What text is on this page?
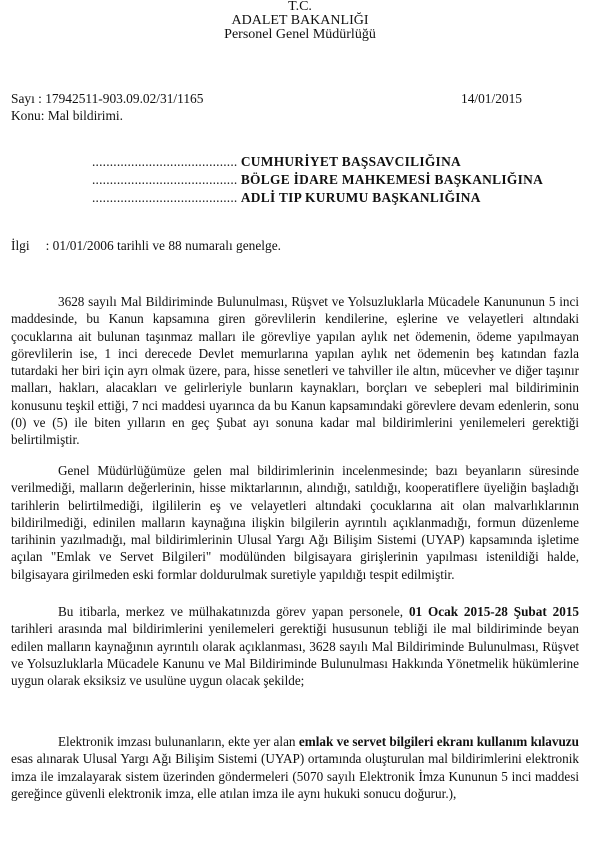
T.C.
ADALET BAKANLIĞI
Personel Genel Müdürlüğü
Sayı : 17942511-903.09.02/31/1165	14/01/2015
Konu: Mal bildirimi.
......................................... CUMHURİYET BAŞSAVCILIĞINA
......................................... BÖLGE İDARE MAHKEMESİ BAŞKANLIĞINA
......................................... ADLİ TIP KURUMU BAŞKANLIĞINA
İlgi : 01/01/2006 tarihli ve 88 numaralı genelge.
3628 sayılı Mal Bildiriminde Bulunulması, Rüşvet ve Yolsuzluklarla Mücadele Kanununun 5 inci maddesinde, bu Kanun kapsamına giren görevlilerin kendilerine, eşlerine ve velayetleri altındaki çocuklarına ait bulunan taşınmaz malları ile görevliye yapılan aylık net ödemenin, ödeme yapılmayan görevlilerin ise, 1 inci derecede Devlet memurlarına yapılan aylık net ödemenin beş katından fazla tutardaki her biri için ayrı olmak üzere, para, hisse senetleri ve tahviller ile altın, mücevher ve diğer taşınır malları, hakları, alacakları ve gelirleriyle bunların kaynakları, borçları ve sebepleri mal bildiriminin konusunu teşkil ettiği, 7 nci maddesi uyarınca da bu Kanun kapsamındaki görevlere devam edenlerin, sonu (0) ve (5) ile biten yılların en geç Şubat ayı sonuna kadar mal bildirimlerini yenilemeleri gerektiği belirtilmiştir.
Genel Müdürlüğümüze gelen mal bildirimlerinin incelenmesinde; bazı beyanların süresinde verilmediği, malların değerlerinin, hisse miktarlarının, alındığı, satıldığı, kooperatiflere üyeliğin başladığı tarihlerin belirtilmediği, ilgililerin eş ve velayetleri altındaki çocuklarına ait olan malvarlıklarının bildirilmediği, edinilen malların kaynağına ilişkin bilgilerin ayrıntılı açıklanmadığı, formun düzenleme tarihinin yazılmadığı, mal bildirimlerinin Ulusal Yargı Ağı Bilişim Sistemi (UYAP) kapsamında işletime açılan "Emlak ve Servet Bilgileri" modülünden bilgisayara girişlerinin yapılması istenildiği halde, bilgisayara girilmeden eski formlar doldurulmak suretiyle yapıldığı tespit edilmiştir.
Bu itibarla, merkez ve mülhakatınızda görev yapan personele, 01 Ocak 2015-28 Şubat 2015 tarihleri arasında mal bildirimlerini yenilemeleri gerektiği hususunun tebliği ile mal bildiriminde beyan edilen malların kaynağının ayrıntılı olarak açıklanması, 3628 sayılı Mal Bildiriminde Bulunulması, Rüşvet ve Yolsuzluklarla Mücadele Kanunu ve Mal Bildiriminde Bulunulması Hakkında Yönetmelik hükümlerine uygun olarak eksiksiz ve usulüne uygun olacak şekilde;
Elektronik imzası bulunanların, ekte yer alan emlak ve servet bilgileri ekranı kullanım kılavuzu esas alınarak Ulusal Yargı Ağı Bilişim Sistemi (UYAP) ortamında oluşturulan mal bildirimlerini elektronik imza ile imzalayarak sistem üzerinden göndermeleri (5070 sayılı Elektronik İmza Kununun 5 inci maddesi gereğince güvenli elektronik imza, elle atılan imza ile aynı hukuki sonucu doğurur.),
